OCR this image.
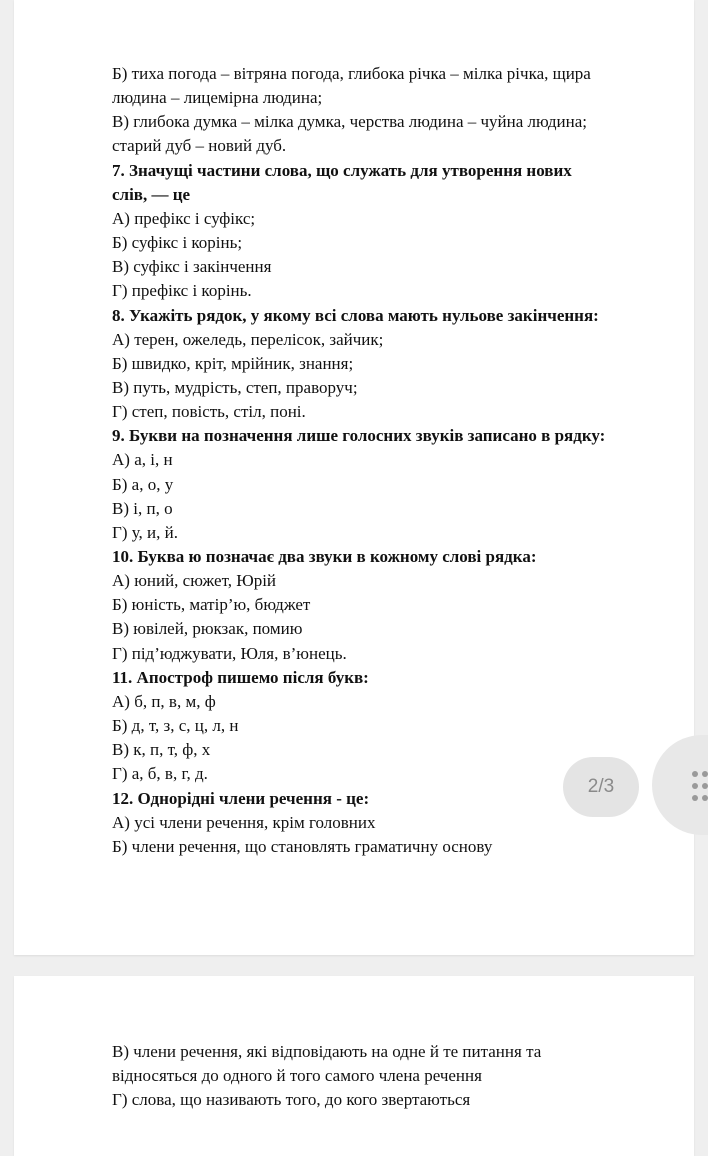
Б) тиха погода – вітряна погода, глибока річка – мілка річка, щира
людина – лицемірна людина;
В) глибока думка – мілка думка, черства людина – чуйна людина;
старий дуб – новий дуб.
7. Значущі частини слова, що служать для утворення нових
слів, — це
А) префікс і суфікс;
Б) суфікс і корінь;
В) суфікс і закінчення
Г) префікс і корінь.
8. Укажіть рядок, у якому всі слова мають нульове закінчення:
А) терен, ожеледь, перелісок, зайчик;
Б) швидко, кріт, мрійник, знання;
В) путь, мудрість, степ, праворуч;
Г) степ, повість, стіл, поні.
9. Букви на позначення лише голосних звуків записано в рядку:
А) а, і, н
Б) а, о, у
В) і, п, о
Г) у, и, й.
10. Буква ю позначає два звуки в кожному слові рядка:
А) юний, сюжет, Юрій
Б) юність, матір’ю, бюджет
В) ювілей, рюкзак, помию
Г) під’юджувати, Юля, в’юнець.
11. Апостроф пишемо після букв:
А) б, п, в, м, ф
Б) д, т, з, с, ц, л, н
В) к, п, т, ф, х
Г) а, б, в, г, д.
12. Однорідні члени речення - це:
А) усі члени речення, крім головних
Б) члени речення, що становлять граматичну основу
В) члени речення, які відповідають на одне й те питання та
відносяться до одного й того самого члена речення
Г) слова, що називають того, до кого звертаються
2/3
